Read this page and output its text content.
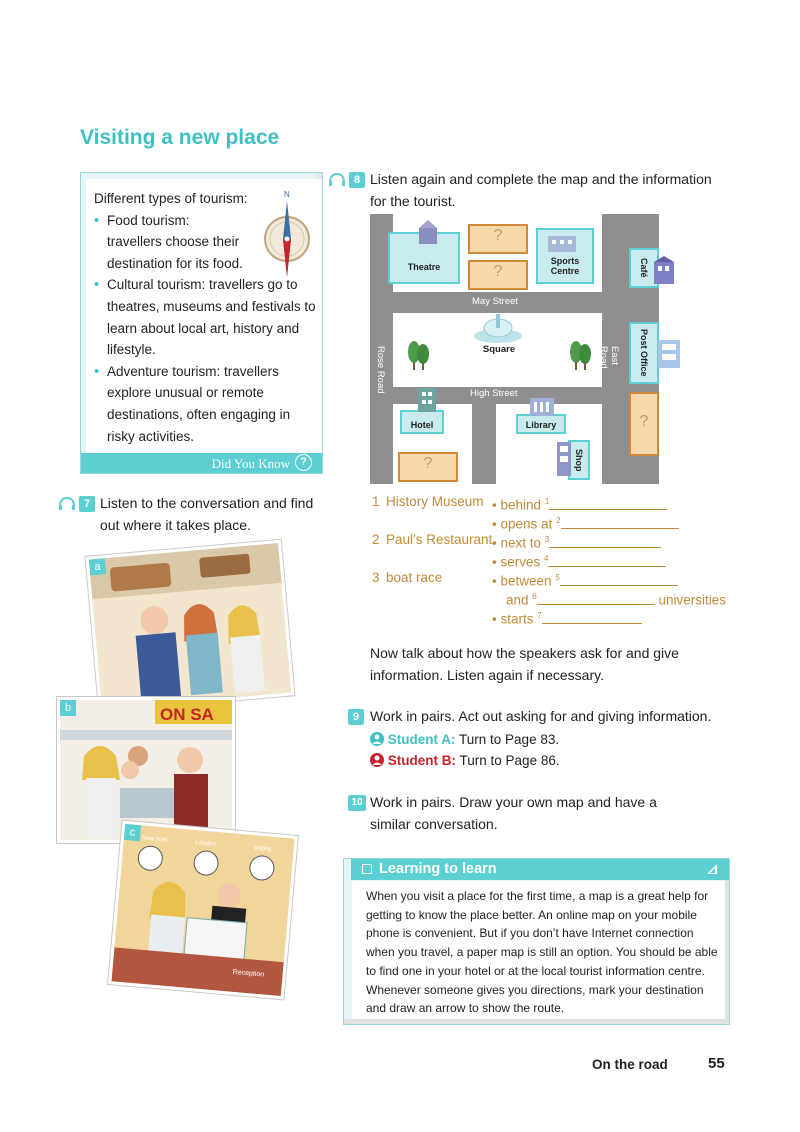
Visiting a new place
Different types of tourism:
• Food tourism: travellers choose their destination for its food.
• Cultural tourism: travellers go to theatres, museums and festivals to learn about local art, history and lifestyle.
• Adventure tourism: travellers explore unusual or remote destinations, often engaging in risky activities.
N
Did You Know ?
8 Listen again and complete the map and the information for the tourist.
Theatre
?
?
Sports Centre
May Street
High Street
Rose Road	East Road
Square
Hotel
?
Library
Shop
Café
Post Office
?
7 Listen to the conversation and find out where it takes place.
a
b	ON SA
c
New York
London
Beijing
Reception
1 History Museum • behind $^1$
• opens at $^2$
2 Paul’s Restaurant • next to $^3$
• serves $^4$
3 boat race	• between $^5$
and $^6$	universities
• starts $^7$
Now talk about how the speakers ask for and give information. Listen again if necessary.
9 Work in pairs. Act out asking for and giving information.
Student A: Turn to Page 83.
Student B: Turn to Page 86.
10 Work in pairs. Draw your own map and have a similar conversation.
Learning to learn
When you visit a place for the first time, a map is a great help for getting to know the place better. An online map on your mobile phone is convenient. But if you don’t have Internet connection when you travel, a paper map is still an option. You should be able to find one in your hotel or at the local tourist information centre. Whenever someone gives you directions, mark your destination and draw an arrow to show the route.
On the road	55
